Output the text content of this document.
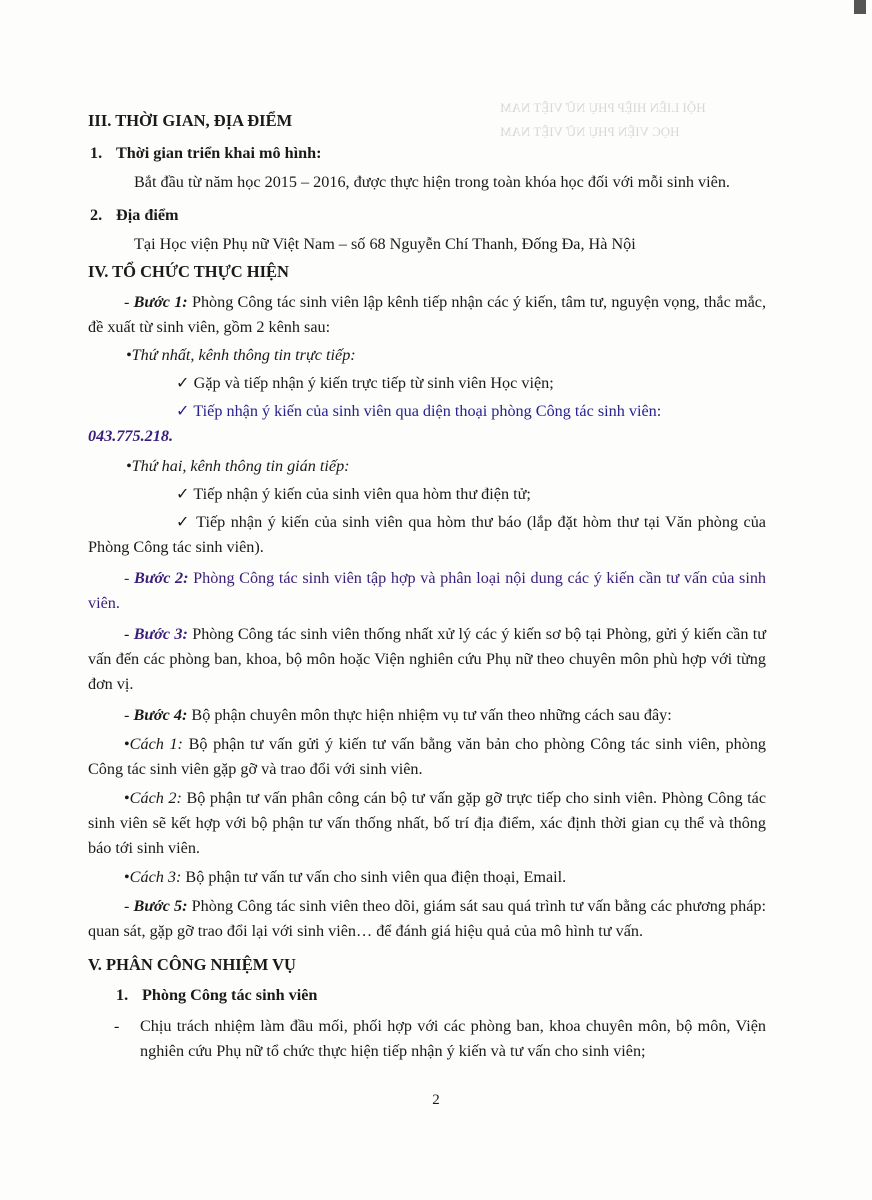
HỘI LIÊN HIỆP PHỤ NỮ VIỆT NAM
HỌC VIỆN PHỤ NỮ VIỆT NAM

III. THỜI GIAN, ĐỊA ĐIỂM

1. Thời gian triển khai mô hình:

Bắt đầu từ năm học 2015 – 2016, được thực hiện trong toàn khóa học đối với mỗi sinh viên.

2. Địa điểm

Tại Học viện Phụ nữ Việt Nam – số 68 Nguyễn Chí Thanh, Đống Đa, Hà Nội

IV. TỔ CHỨC THỰC HIỆN

- Bước 1: Phòng Công tác sinh viên lập kênh tiếp nhận các ý kiến, tâm tư, nguyện vọng, thắc mắc, đề xuất từ sinh viên, gồm 2 kênh sau:

•Thứ nhất, kênh thông tin trực tiếp:

✓ Gặp và tiếp nhận ý kiến trực tiếp từ sinh viên Học viện;

✓ Tiếp nhận ý kiến của sinh viên qua diện thoại phòng Công tác sinh viên:

043.775.218.

•Thứ hai, kênh thông tin gián tiếp:

✓ Tiếp nhận ý kiến của sinh viên qua hòm thư điện tử;

✓ Tiếp nhận ý kiến của sinh viên qua hòm thư báo (lắp đặt hòm thư tại Văn phòng của Phòng Công tác sinh viên).

- Bước 2: Phòng Công tác sinh viên tập hợp và phân loại nội dung các ý kiến cần tư vấn của sinh viên.

- Bước 3: Phòng Công tác sinh viên thống nhất xử lý các ý kiến sơ bộ tại Phòng, gửi ý kiến cần tư vấn đến các phòng ban, khoa, bộ môn hoặc Viện nghiên cứu Phụ nữ theo chuyên môn phù hợp với từng đơn vị.

- Bước 4: Bộ phận chuyên môn thực hiện nhiệm vụ tư vấn theo những cách sau đây:

•Cách 1: Bộ phận tư vấn gửi ý kiến tư vấn bằng văn bản cho phòng Công tác sinh viên, phòng Công tác sinh viên gặp gỡ và trao đổi với sinh viên.

•Cách 2: Bộ phận tư vấn phân công cán bộ tư vấn gặp gỡ trực tiếp cho sinh viên. Phòng Công tác sinh viên sẽ kết hợp với bộ phận tư vấn thống nhất, bố trí địa điểm, xác định thời gian cụ thể và thông báo tới sinh viên.

•Cách 3: Bộ phận tư vấn tư vấn cho sinh viên qua điện thoại, Email.

- Bước 5: Phòng Công tác sinh viên theo dõi, giám sát sau quá trình tư vấn bằng các phương pháp: quan sát, gặp gỡ trao đổi lại với sinh viên… để đánh giá hiệu quả của mô hình tư vấn.

V. PHÂN CÔNG NHIỆM VỤ

1. Phòng Công tác sinh viên

-	Chịu trách nhiệm làm đầu mối, phối hợp với các phòng ban, khoa chuyên môn, bộ môn, Viện nghiên cứu Phụ nữ tổ chức thực hiện tiếp nhận ý kiến và tư vấn cho sinh viên;
2
